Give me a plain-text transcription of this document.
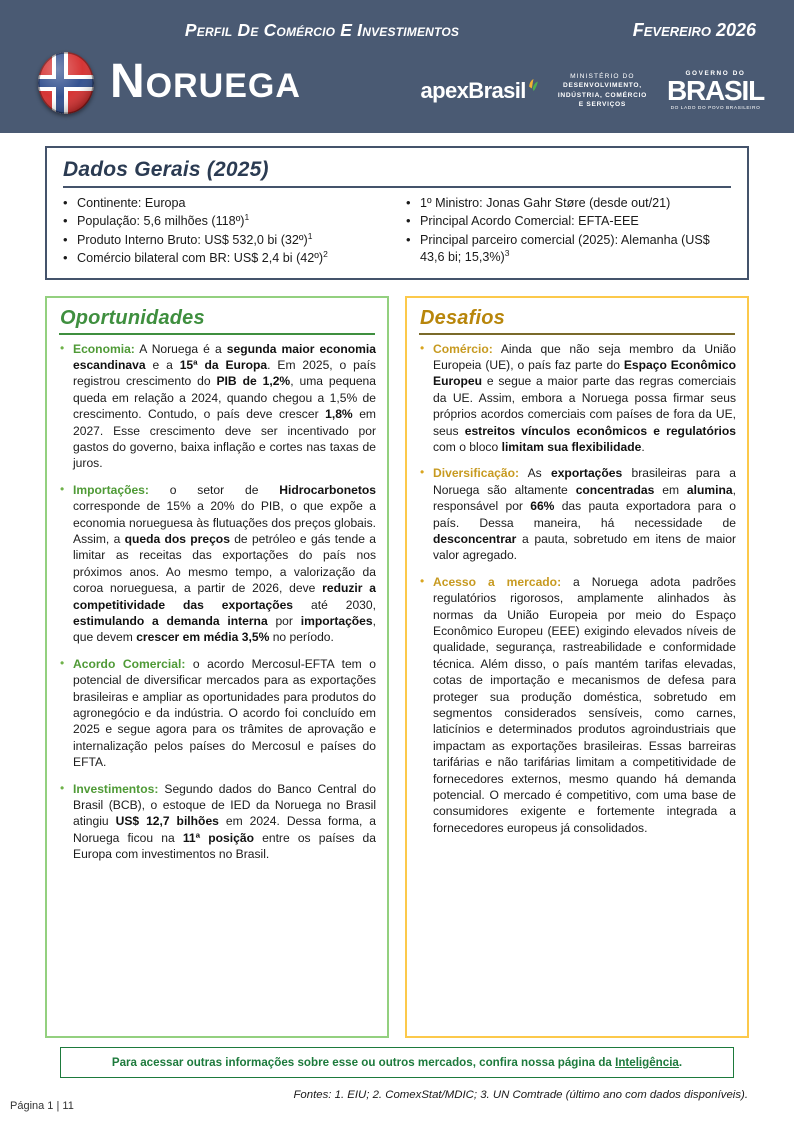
Perfil De Comércio E Investimentos	Fevereiro 2026
Noruega	apexBrasil
MINISTÉRIO DO
DESENVOLVIMENTO,
INDÚSTRIA, COMÉRCIO
E SERVIÇOS
GOVERNO DO
BRASIL
DO LADO DO POVO BRASILEIRO
Dados Gerais (2025)
• Continente: Europa
• População: 5,6 milhões (118º)$^1$
• Produto Interno Bruto: US$ 532,0 bi (32º)$^1$
• Comércio bilateral com BR: US$ 2,4 bi (42º)$^2$
• 1º Ministro: Jonas Gahr Støre (desde out/21)
• Principal Acordo Comercial: EFTA-EEE
• Principal parceiro comercial (2025): Alemanha (US$ 43,6 bi; 15,3%)$^3$
Oportunidades
• Economia: A Noruega é a segunda maior economia escandinava e a 15ª da Europa. Em 2025, o país registrou crescimento do PIB de 1,2%, uma pequena queda em relação a 2024, quando chegou a 1,5% de crescimento. Contudo, o país deve crescer 1,8% em 2027. Esse crescimento deve ser incentivado por gastos do governo, baixa inflação e cortes nas taxas de juros.
• Importações: o setor de Hidrocarbonetos corresponde de 15% a 20% do PIB, o que expõe a economia norueguesa às flutuações dos preços globais. Assim, a queda dos preços de petróleo e gás tende a limitar as receitas das exportações do país nos próximos anos. Ao mesmo tempo, a valorização da coroa norueguesa, a partir de 2026, deve reduzir a competitividade das exportações até 2030, estimulando a demanda interna por importações, que devem crescer em média 3,5% no período.
• Acordo Comercial: o acordo Mercosul-EFTA tem o potencial de diversificar mercados para as exportações brasileiras e ampliar as oportunidades para produtos do agronegócio e da indústria. O acordo foi concluído em 2025 e segue agora para os trâmites de aprovação e internalização pelos países do Mercosul e países do EFTA.
• Investimentos: Segundo dados do Banco Central do Brasil (BCB), o estoque de IED da Noruega no Brasil atingiu US$ 12,7 bilhões em 2024. Dessa forma, a Noruega ficou na 11ª posição entre os países da Europa com investimentos no Brasil.
Desafios
• Comércio: Ainda que não seja membro da União Europeia (UE), o país faz parte do Espaço Econômico Europeu e segue a maior parte das regras comerciais da UE. Assim, embora a Noruega possa firmar seus próprios acordos comerciais com países de fora da UE, seus estreitos vínculos econômicos e regulatórios com o bloco limitam sua flexibilidade.
• Diversificação: As exportações brasileiras para a Noruega são altamente concentradas em alumina, responsável por 66% das pauta exportadora para o país. Dessa maneira, há necessidade de desconcentrar a pauta, sobretudo em itens de maior valor agregado.
• Acesso a mercado: a Noruega adota padrões regulatórios rigorosos, amplamente alinhados às normas da União Europeia por meio do Espaço Econômico Europeu (EEE) exigindo elevados níveis de qualidade, segurança, rastreabilidade e conformidade técnica. Além disso, o país mantém tarifas elevadas, cotas de importação e mecanismos de defesa para proteger sua produção doméstica, sobretudo em segmentos considerados sensíveis, como carnes, laticínios e determinados produtos agroindustriais que impactam as exportações brasileiras. Essas barreiras tarifárias e não tarifárias limitam a competitividade de fornecedores externos, mesmo quando há demanda potencial. O mercado é competitivo, com uma base de consumidores exigente e fortemente integrada a fornecedores europeus já consolidados.
Para acessar outras informações sobre esse ou outros mercados, confira nossa página da Inteligência.
Fontes: 1. EIU; 2. ComexStat/MDIC; 3. UN Comtrade (último ano com dados disponíveis).
Página 1 | 11
